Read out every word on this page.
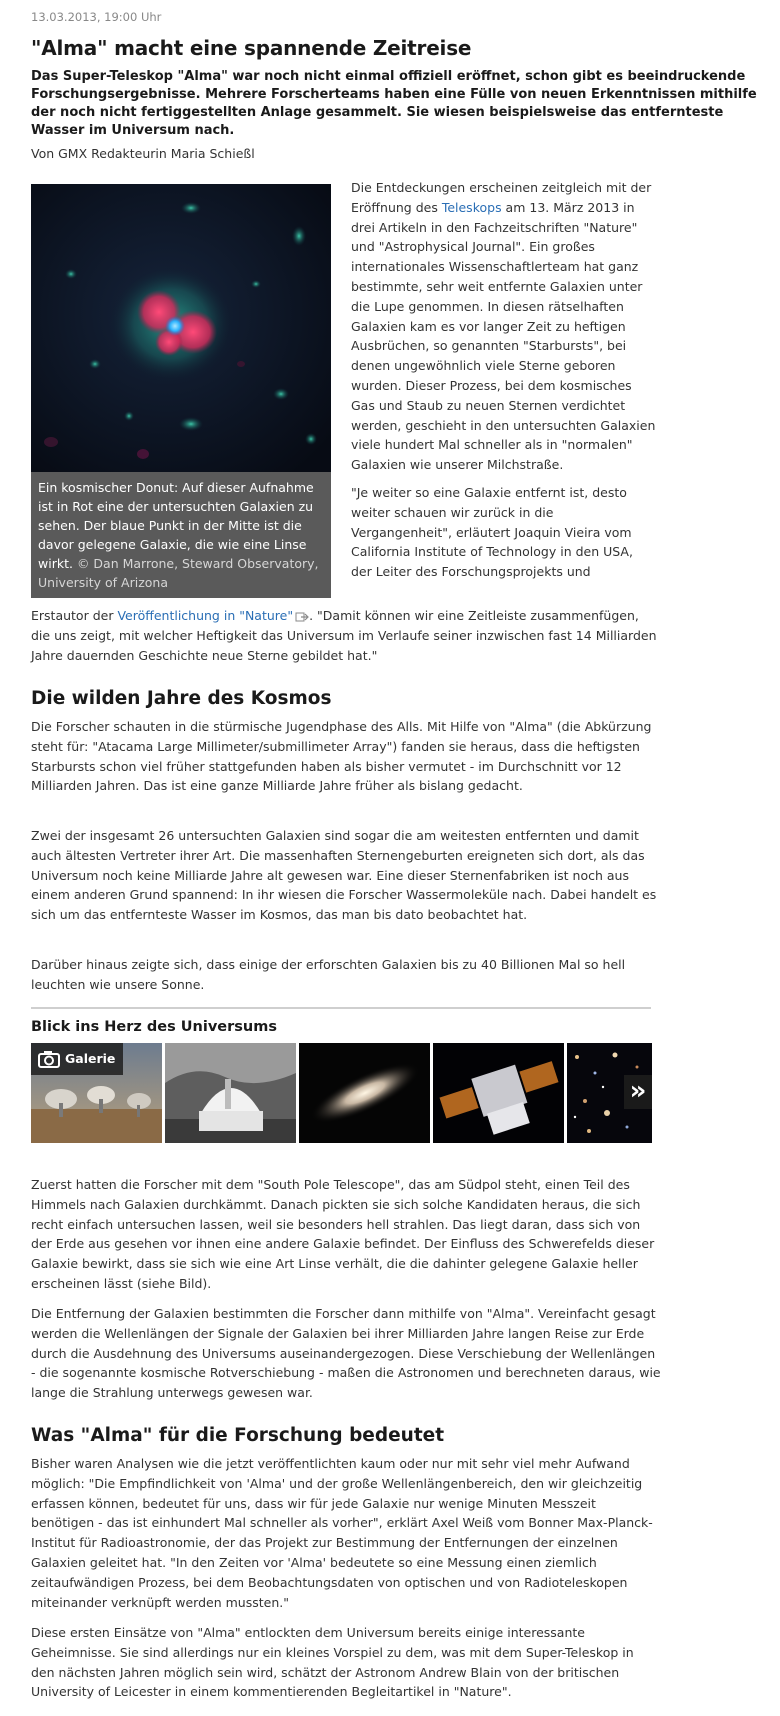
13.03.2013, 19:00 Uhr
"Alma" macht eine spannende Zeitreise

Das Super-Teleskop "Alma" war noch nicht einmal offiziell eröffnet, schon gibt es beeindruckende Forschungsergebnisse. Mehrere Forscherteams haben eine Fülle von neuen Erkenntnissen mithilfe der noch nicht fertiggestellten Anlage gesammelt. Sie wiesen beispielsweise das entfernteste Wasser im Universum nach.

Von GMX Redakteurin Maria Schießl
Ein kosmischer Donut: Auf dieser Aufnahme ist in Rot eine der untersuchten Galaxien zu sehen. Der blaue Punkt in der Mitte ist die davor gelegene Galaxie, die wie eine Linse wirkt. © Dan Marrone, Steward Observatory, University of Arizona

Die Entdeckungen erscheinen zeitgleich mit der Eröffnung des Teleskops am 13. März 2013 in drei Artikeln in den Fachzeitschriften "Nature" und "Astrophysical Journal". Ein großes internationales Wissenschaftlerteam hat ganz bestimmte, sehr weit entfernte Galaxien unter die Lupe genommen. In diesen rätselhaften Galaxien kam es vor langer Zeit zu heftigen Ausbrüchen, so genannten "Starbursts", bei denen ungewöhnlich viele Sterne geboren wurden. Dieser Prozess, bei dem kosmisches Gas und Staub zu neuen Sternen verdichtet werden, geschieht in den untersuchten Galaxien viele hundert Mal schneller als in "normalen" Galaxien wie unserer Milchstraße.

"Je weiter so eine Galaxie entfernt ist, desto weiter schauen wir zurück in die Vergangenheit", erläutert Joaquin Vieira vom California Institute of Technology in den USA, der Leiter des Forschungsprojekts und

Erstautor der Veröffentlichung in "Nature" . "Damit können wir eine Zeitleiste zusammenfügen, die uns zeigt, mit welcher Heftigkeit das Universum im Verlaufe seiner inzwischen fast 14 Milliarden Jahre dauernden Geschichte neue Sterne gebildet hat."

Die wilden Jahre des Kosmos

Die Forscher schauten in die stürmische Jugendphase des Alls. Mit Hilfe von "Alma" (die Abkürzung steht für: "Atacama Large Millimeter/submillimeter Array") fanden sie heraus, dass die heftigsten Starbursts schon viel früher stattgefunden haben als bisher vermutet - im Durchschnitt vor 12 Milliarden Jahren. Das ist eine ganze Milliarde Jahre früher als bislang gedacht.

Zwei der insgesamt 26 untersuchten Galaxien sind sogar die am weitesten entfernten und damit auch ältesten Vertreter ihrer Art. Die massenhaften Sternengeburten ereigneten sich dort, als das Universum noch keine Milliarde Jahre alt gewesen war. Eine dieser Sternenfabriken ist noch aus einem anderen Grund spannend: In ihr wiesen die Forscher Wassermoleküle nach. Dabei handelt es sich um das entfernteste Wasser im Kosmos, das man bis dato beobachtet hat.

Darüber hinaus zeigte sich, dass einige der erforschten Galaxien bis zu 40 Billionen Mal so hell leuchten wie unsere Sonne.

Blick ins Herz des Universums
Galerie
»

Zuerst hatten die Forscher mit dem "South Pole Telescope", das am Südpol steht, einen Teil des Himmels nach Galaxien durchkämmt. Danach pickten sie sich solche Kandidaten heraus, die sich recht einfach untersuchen lassen, weil sie besonders hell strahlen. Das liegt daran, dass sich von der Erde aus gesehen vor ihnen eine andere Galaxie befindet. Der Einfluss des Schwerefelds dieser Galaxie bewirkt, dass sie sich wie eine Art Linse verhält, die die dahinter gelegene Galaxie heller erscheinen lässt (siehe Bild).

Die Entfernung der Galaxien bestimmten die Forscher dann mithilfe von "Alma". Vereinfacht gesagt werden die Wellenlängen der Signale der Galaxien bei ihrer Milliarden Jahre langen Reise zur Erde durch die Ausdehnung des Universums auseinandergezogen. Diese Verschiebung der Wellenlängen - die sogenannte kosmische Rotverschiebung - maßen die Astronomen und berechneten daraus, wie lange die Strahlung unterwegs gewesen war.

Was "Alma" für die Forschung bedeutet

Bisher waren Analysen wie die jetzt veröffentlichten kaum oder nur mit sehr viel mehr Aufwand möglich: "Die Empfindlichkeit von 'Alma' und der große Wellenlängenbereich, den wir gleichzeitig erfassen können, bedeutet für uns, dass wir für jede Galaxie nur wenige Minuten Messzeit benötigen - das ist einhundert Mal schneller als vorher", erklärt Axel Weiß vom Bonner Max-Planck-Institut für Radioastronomie, der das Projekt zur Bestimmung der Entfernungen der einzelnen Galaxien geleitet hat. "In den Zeiten vor 'Alma' bedeutete so eine Messung einen ziemlich zeitaufwändigen Prozess, bei dem Beobachtungsdaten von optischen und von Radioteleskopen miteinander verknüpft werden mussten."

Diese ersten Einsätze von "Alma" entlockten dem Universum bereits einige interessante Geheimnisse. Sie sind allerdings nur ein kleines Vorspiel zu dem, was mit dem Super-Teleskop in den nächsten Jahren möglich sein wird, schätzt der Astronom Andrew Blain von der britischen University of Leicester in einem kommentierenden Begleitartikel in "Nature".
